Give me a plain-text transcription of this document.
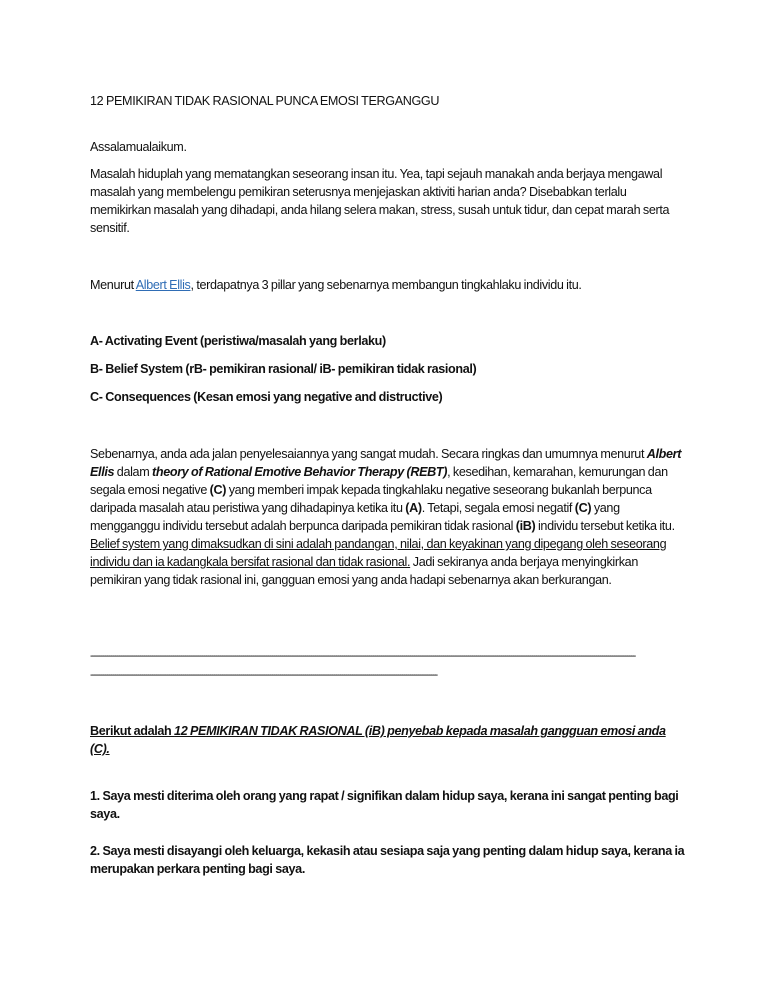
12 PEMIKIRAN TIDAK RASIONAL PUNCA EMOSI TERGANGGU
Assalamualaikum.
Masalah hiduplah yang mematangkan seseorang insan itu. Yea, tapi sejauh manakah anda berjaya mengawal masalah yang membelengu pemikiran seterusnya menjejaskan aktiviti harian anda? Disebabkan terlalu memikirkan masalah yang dihadapi, anda hilang selera makan, stress, susah untuk tidur, dan cepat marah serta sensitif.
Menurut Albert Ellis, terdapatnya 3 pillar yang sebenarnya membangun tingkahlaku individu itu.
A- Activating Event (peristiwa/masalah yang berlaku)
B- Belief System (rB- pemikiran rasional/ iB- pemikiran tidak rasional)
C- Consequences (Kesan emosi yang negative and distructive)
Sebenarnya, anda ada jalan penyelesaiannya yang sangat mudah. Secara ringkas dan umumnya menurut Albert Ellis dalam theory of Rational Emotive Behavior Therapy (REBT), kesedihan, kemarahan, kemurungan dan segala emosi negative (C) yang memberi impak kepada tingkahlaku negative seseorang bukanlah berpunca daripada masalah atau peristiwa yang dihadapinya ketika itu (A). Tetapi, segala emosi negatif (C) yang mengganggu individu tersebut adalah berpunca daripada pemikiran tidak rasional (iB) individu tersebut ketika itu. Belief system yang dimaksudkan di sini adalah pandangan, nilai, dan keyakinan yang dipegang oleh seseorang individu dan ia kadangkala bersifat rasional dan tidak rasional. Jadi sekiranya anda berjaya menyingkirkan pemikiran yang tidak rasional ini, gangguan emosi yang anda hadapi sebenarnya akan berkurangan.
------------------------------------------------------------------------------------------------------------------------------------------------------------------------------------------------------------------------------------------------------------------------
------------------------------------------------------------------------------------------------------------------------------------------------------------------------
Berikut adalah 12 PEMIKIRAN TIDAK RASIONAL (iB) penyebab kepada masalah gangguan emosi anda (C).
1. Saya mesti diterima oleh orang yang rapat / signifikan dalam hidup saya, kerana ini sangat penting bagi saya.
2. Saya mesti disayangi oleh keluarga, kekasih atau sesiapa saja yang penting dalam hidup saya, kerana ia merupakan perkara penting bagi saya.
